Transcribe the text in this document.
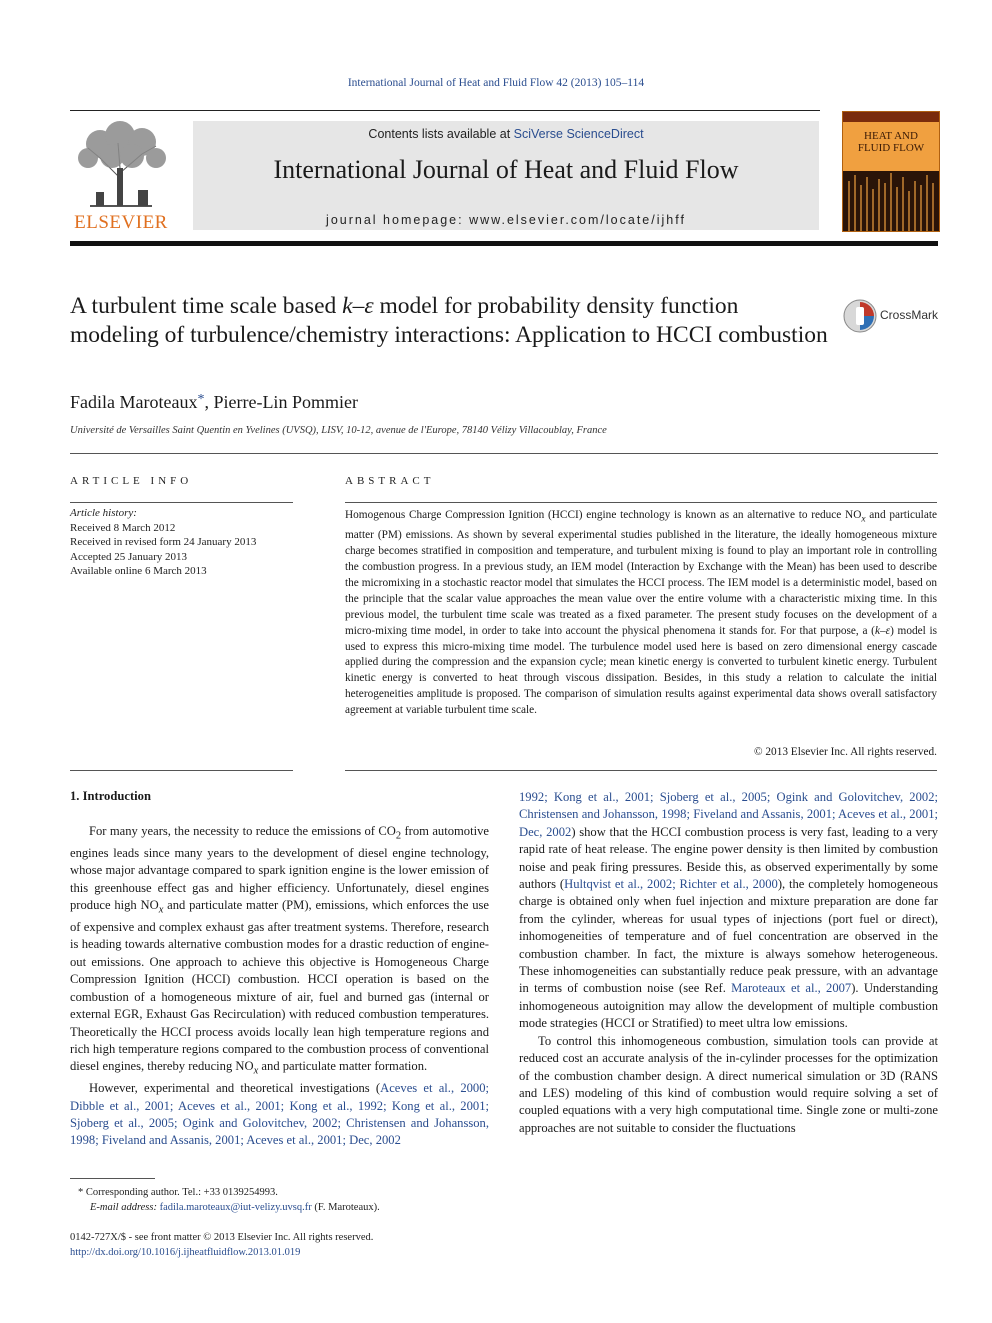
International Journal of Heat and Fluid Flow 42 (2013) 105–114
ELSEVIER
Contents lists available at SciVerse ScienceDirect
International Journal of Heat and Fluid Flow
journal homepage: www.elsevier.com/locate/ijhff
HEAT AND
FLUID FLOW
A turbulent time scale based k–ε model for probability density function modeling of turbulence/chemistry interactions: Application to HCCI combustion
CrossMark
Fadila Maroteaux*, Pierre-Lin Pommier
Université de Versailles Saint Quentin en Yvelines (UVSQ), LISV, 10-12, avenue de l'Europe, 78140 Vélizy Villacoublay, France
ARTICLE INFO
Article history:
Received 8 March 2012
Received in revised form 24 January 2013
Accepted 25 January 2013
Available online 6 March 2013
ABSTRACT
Homogenous Charge Compression Ignition (HCCI) engine technology is known as an alternative to reduce $NO_x$ and particulate matter (PM) emissions. As shown by several experimental studies published in the literature, the ideally homogeneous mixture charge becomes stratified in composition and temperature, and turbulent mixing is found to play an important role in controlling the combustion progress. In a previous study, an IEM model (Interaction by Exchange with the Mean) has been used to describe the micromixing in a stochastic reactor model that simulates the HCCI process. The IEM model is a deterministic model, based on the principle that the scalar value approaches the mean value over the entire volume with a characteristic mixing time. In this previous model, the turbulent time scale was treated as a fixed parameter. The present study focuses on the development of a micro-mixing time model, in order to take into account the physical phenomena it stands for. For that purpose, a (k–ε) model is used to express this micro-mixing time model. The turbulence model used here is based on zero dimensional energy cascade applied during the compression and the expansion cycle; mean kinetic energy is converted to turbulent kinetic energy. Turbulent kinetic energy is converted to heat through viscous dissipation. Besides, in this study a relation to calculate the initial heterogeneities amplitude is proposed. The comparison of simulation results against experimental data shows overall satisfactory agreement at variable turbulent time scale.
© 2013 Elsevier Inc. All rights reserved.
1. Introduction

For many years, the necessity to reduce the emissions of $CO_2$ from automotive engines leads since many years to the development of diesel engine technology, whose major advantage compared to spark ignition engine is the lower emission of this greenhouse effect gas and higher efficiency. Unfortunately, diesel engines produce high $NO_x$ and particulate matter (PM), emissions, which enforces the use of expensive and complex exhaust gas after treatment systems. Therefore, research is heading towards alternative combustion modes for a drastic reduction of engine-out emissions. One approach to achieve this objective is Homogeneous Charge Compression Ignition (HCCI) combustion. HCCI operation is based on the combustion of a homogeneous mixture of air, fuel and burned gas (internal or external EGR, Exhaust Gas Recirculation) with reduced combustion temperatures. Theoretically the HCCI process avoids locally lean high temperature regions and rich high temperature regions compared to the combustion process of conventional diesel engines, thereby reducing $NO_x$ and particulate matter formation.

However, experimental and theoretical investigations (Aceves et al., 2000; Dibble et al., 2001; Aceves et al., 2001; Kong et al., 1992; Kong et al., 2001; Sjoberg et al., 2005; Ogink and Golovitchev, 2002; Christensen and Johansson, 1998; Fiveland and Assanis, 2001; Aceves et al., 2001; Dec, 2002

1992; Kong et al., 2001; Sjoberg et al., 2005; Ogink and Golovitchev, 2002; Christensen and Johansson, 1998; Fiveland and Assanis, 2001; Aceves et al., 2001; Dec, 2002) show that the HCCI combustion process is very fast, leading to a very rapid rate of heat release. The engine power density is then limited by combustion noise and peak firing pressures. Beside this, as observed experimentally by some authors (Hultqvist et al., 2002; Richter et al., 2000), the completely homogeneous charge is obtained only when fuel injection and mixture preparation are done far from the cylinder, whereas for usual types of injections (port fuel or direct), inhomogeneities of temperature and of fuel concentration are observed in the combustion chamber. In fact, the mixture is always somehow heterogeneous. These inhomogeneities can substantially reduce peak pressure, with an advantage in terms of combustion noise (see Ref. Maroteaux et al., 2007). Understanding inhomogeneous autoignition may allow the development of multiple combustion mode strategies (HCCI or Stratified) to meet ultra low emissions.

To control this inhomogeneous combustion, simulation tools can provide at reduced cost an accurate analysis of the in-cylinder processes for the optimization of the combustion chamber design. A direct numerical simulation or 3D (RANS and LES) modeling of this kind of combustion would require solving a set of coupled equations with a very high computational time. Single zone or multi-zone approaches are not suitable to consider the fluctuations

* Corresponding author. Tel.: +33 0139254993.
E-mail address: fadila.maroteaux@iut-velizy.uvsq.fr (F. Maroteaux).
0142-727X/$ - see front matter © 2013 Elsevier Inc. All rights reserved.
http://dx.doi.org/10.1016/j.ijheatfluidflow.2013.01.019
